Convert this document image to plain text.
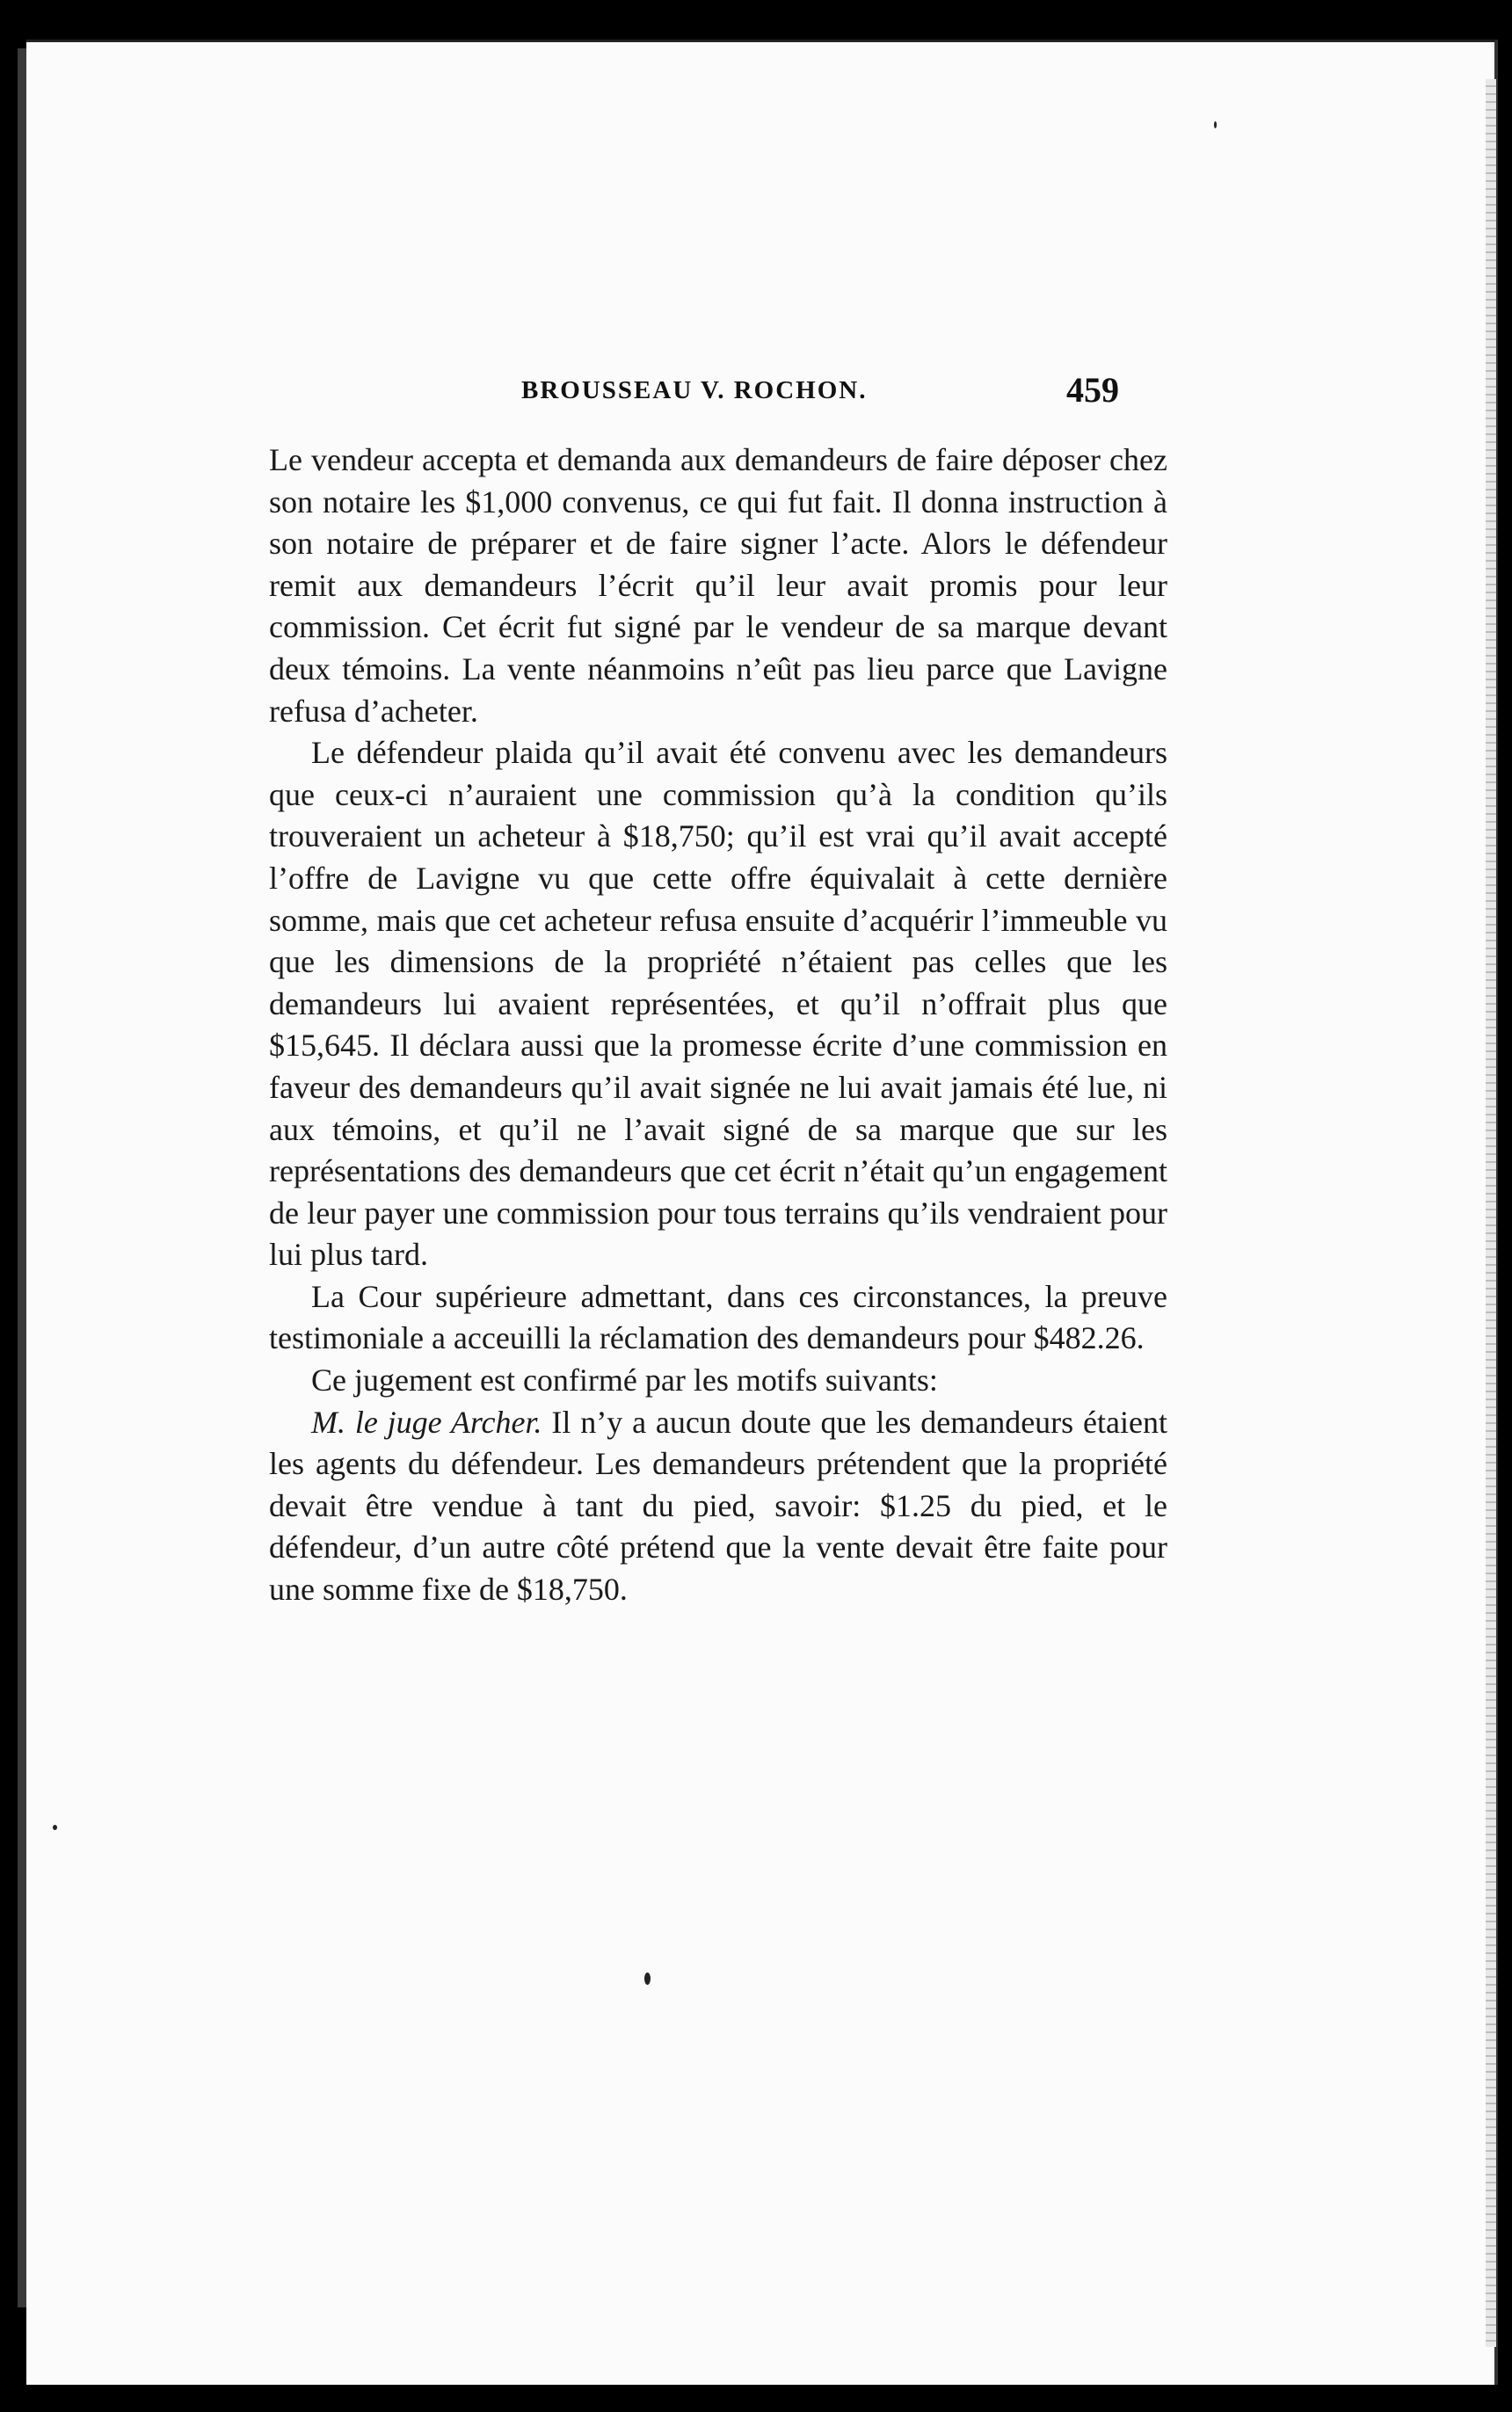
BROUSSEAU V. ROCHON.	459

Le vendeur accepta et demanda aux demandeurs de faire déposer chez son notaire les $1,000 convenus, ce qui fut fait. Il donna instruction à son notaire de préparer et de faire signer l’acte. Alors le défendeur remit aux demandeurs l’écrit qu’il leur avait promis pour leur commission. Cet écrit fut signé par le vendeur de sa marque devant deux témoins. La vente néanmoins n’eût pas lieu parce que Lavigne refusa d’acheter.

Le défendeur plaida qu’il avait été convenu avec les demandeurs que ceux-ci n’auraient une commission qu’à la condition qu’ils trouveraient un acheteur à $18,750; qu’il est vrai qu’il avait accepté l’offre de Lavigne vu que cette offre équivalait à cette dernière somme, mais que cet acheteur refusa ensuite d’acquérir l’immeuble vu que les dimensions de la propriété n’étaient pas celles que les demandeurs lui avaient représentées, et qu’il n’offrait plus que $15,645. Il déclara aussi que la promesse écrite d’une commission en faveur des demandeurs qu’il avait signée ne lui avait jamais été lue, ni aux témoins, et qu’il ne l’avait signé de sa marque que sur les représentations des demandeurs que cet écrit n’était qu’un engagement de leur payer une commission pour tous terrains qu’ils vendraient pour lui plus tard.

La Cour supérieure admettant, dans ces circonstances, la preuve testimoniale a acceuilli la réclamation des demandeurs pour $482.26.

Ce jugement est confirmé par les motifs suivants:

M. le juge Archer. Il n’y a aucun doute que les demandeurs étaient les agents du défendeur. Les demandeurs prétendent que la propriété devait être vendue à tant du pied, savoir: $1.25 du pied, et le défendeur, d’un autre côté prétend que la vente devait être faite pour une somme fixe de $18,750.
